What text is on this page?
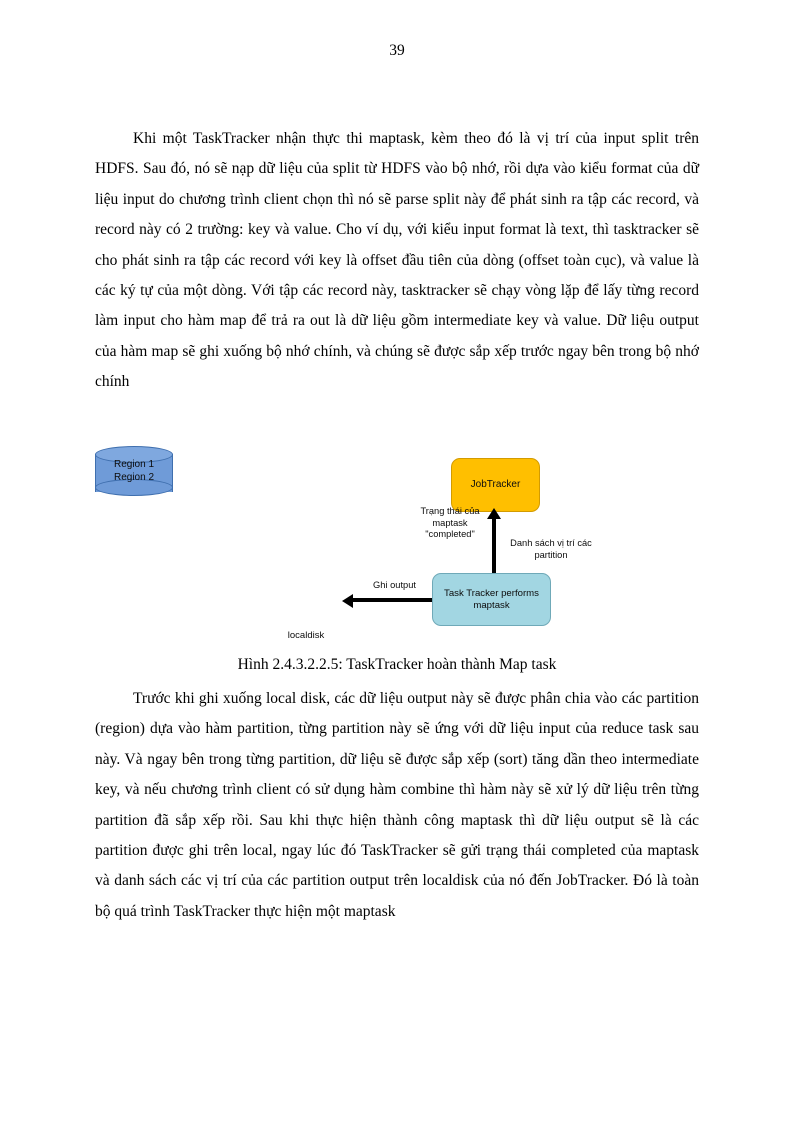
39

Khi một TaskTracker nhận thực thi maptask, kèm theo đó là vị trí của input split trên HDFS. Sau đó, nó sẽ nạp dữ liệu của split từ HDFS vào bộ nhớ, rồi dựa vào kiểu format của dữ liệu input do chương trình client chọn thì nó sẽ parse split này để phát sinh ra tập các record, và record này có 2 trường: key và value. Cho ví dụ, với kiểu input format là text, thì tasktracker sẽ cho phát sinh ra tập các record với key là offset đầu tiên của dòng (offset toàn cục), và value là các ký tự của một dòng. Với tập các record này, tasktracker sẽ chạy vòng lặp để lấy từng record làm input cho hàm map để trả ra out là dữ liệu gồm intermediate key và value. Dữ liệu output của hàm map sẽ ghi xuống bộ nhớ chính, và chúng sẽ được sắp xếp trước ngay bên trong bộ nhớ chính

JobTracker
Trạng thái của maptask "completed"
Danh sách vị trí các partition
Task Tracker performs maptask
Ghi output
Region 1
Region 2
localdisk
Hình 2.4.3.2.2.5: TaskTracker hoàn thành Map task

Trước khi ghi xuống local disk, các dữ liệu output này sẽ được phân chia vào các partition (region) dựa vào hàm partition, từng partition này sẽ ứng với dữ liệu input của reduce task sau này. Và ngay bên trong từng partition, dữ liệu sẽ được sắp xếp (sort) tăng dần theo intermediate key, và nếu chương trình client có sử dụng hàm combine thì hàm này sẽ xử lý dữ liệu trên từng partition đã sắp xếp rồi. Sau khi thực hiện thành công maptask thì dữ liệu output sẽ là các partition được ghi trên local, ngay lúc đó TaskTracker sẽ gửi trạng thái completed của maptask và danh sách các vị trí của các partition output trên localdisk của nó đến JobTracker. Đó là toàn bộ quá trình TaskTracker thực hiện một maptask
